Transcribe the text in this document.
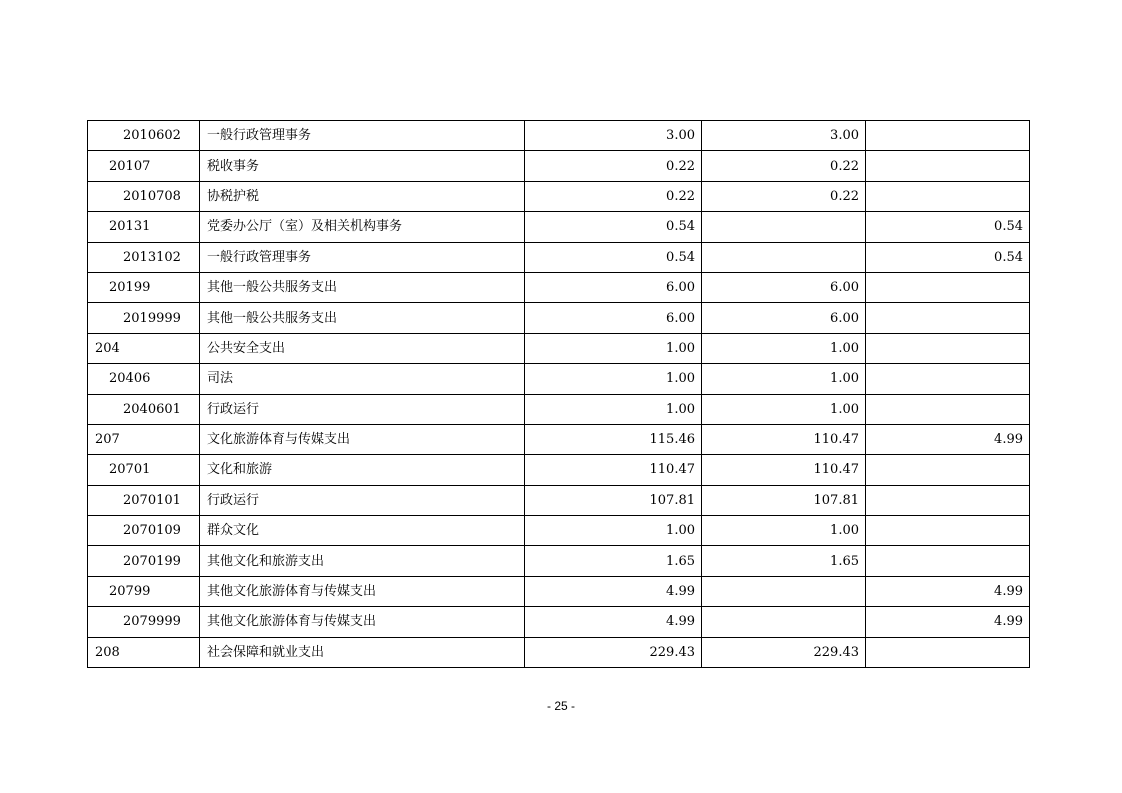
2010602	一般行政管理事务	3.00	3.00	
20107	税收事务	0.22	0.22	
2010708	协税护税	0.22	0.22	
20131	党委办公厅（室）及相关机构事务	0.54		0.54
2013102	一般行政管理事务	0.54		0.54
20199	其他一般公共服务支出	6.00	6.00	
2019999	其他一般公共服务支出	6.00	6.00	
204	公共安全支出	1.00	1.00	
20406	司法	1.00	1.00	
2040601	行政运行	1.00	1.00	
207	文化旅游体育与传媒支出	115.46	110.47	4.99
20701	文化和旅游	110.47	110.47	
2070101	行政运行	107.81	107.81	
2070109	群众文化	1.00	1.00	
2070199	其他文化和旅游支出	1.65	1.65	
20799	其他文化旅游体育与传媒支出	4.99		4.99
2079999	其他文化旅游体育与传媒支出	4.99		4.99
208	社会保障和就业支出	229.43	229.43	
- 25 -
